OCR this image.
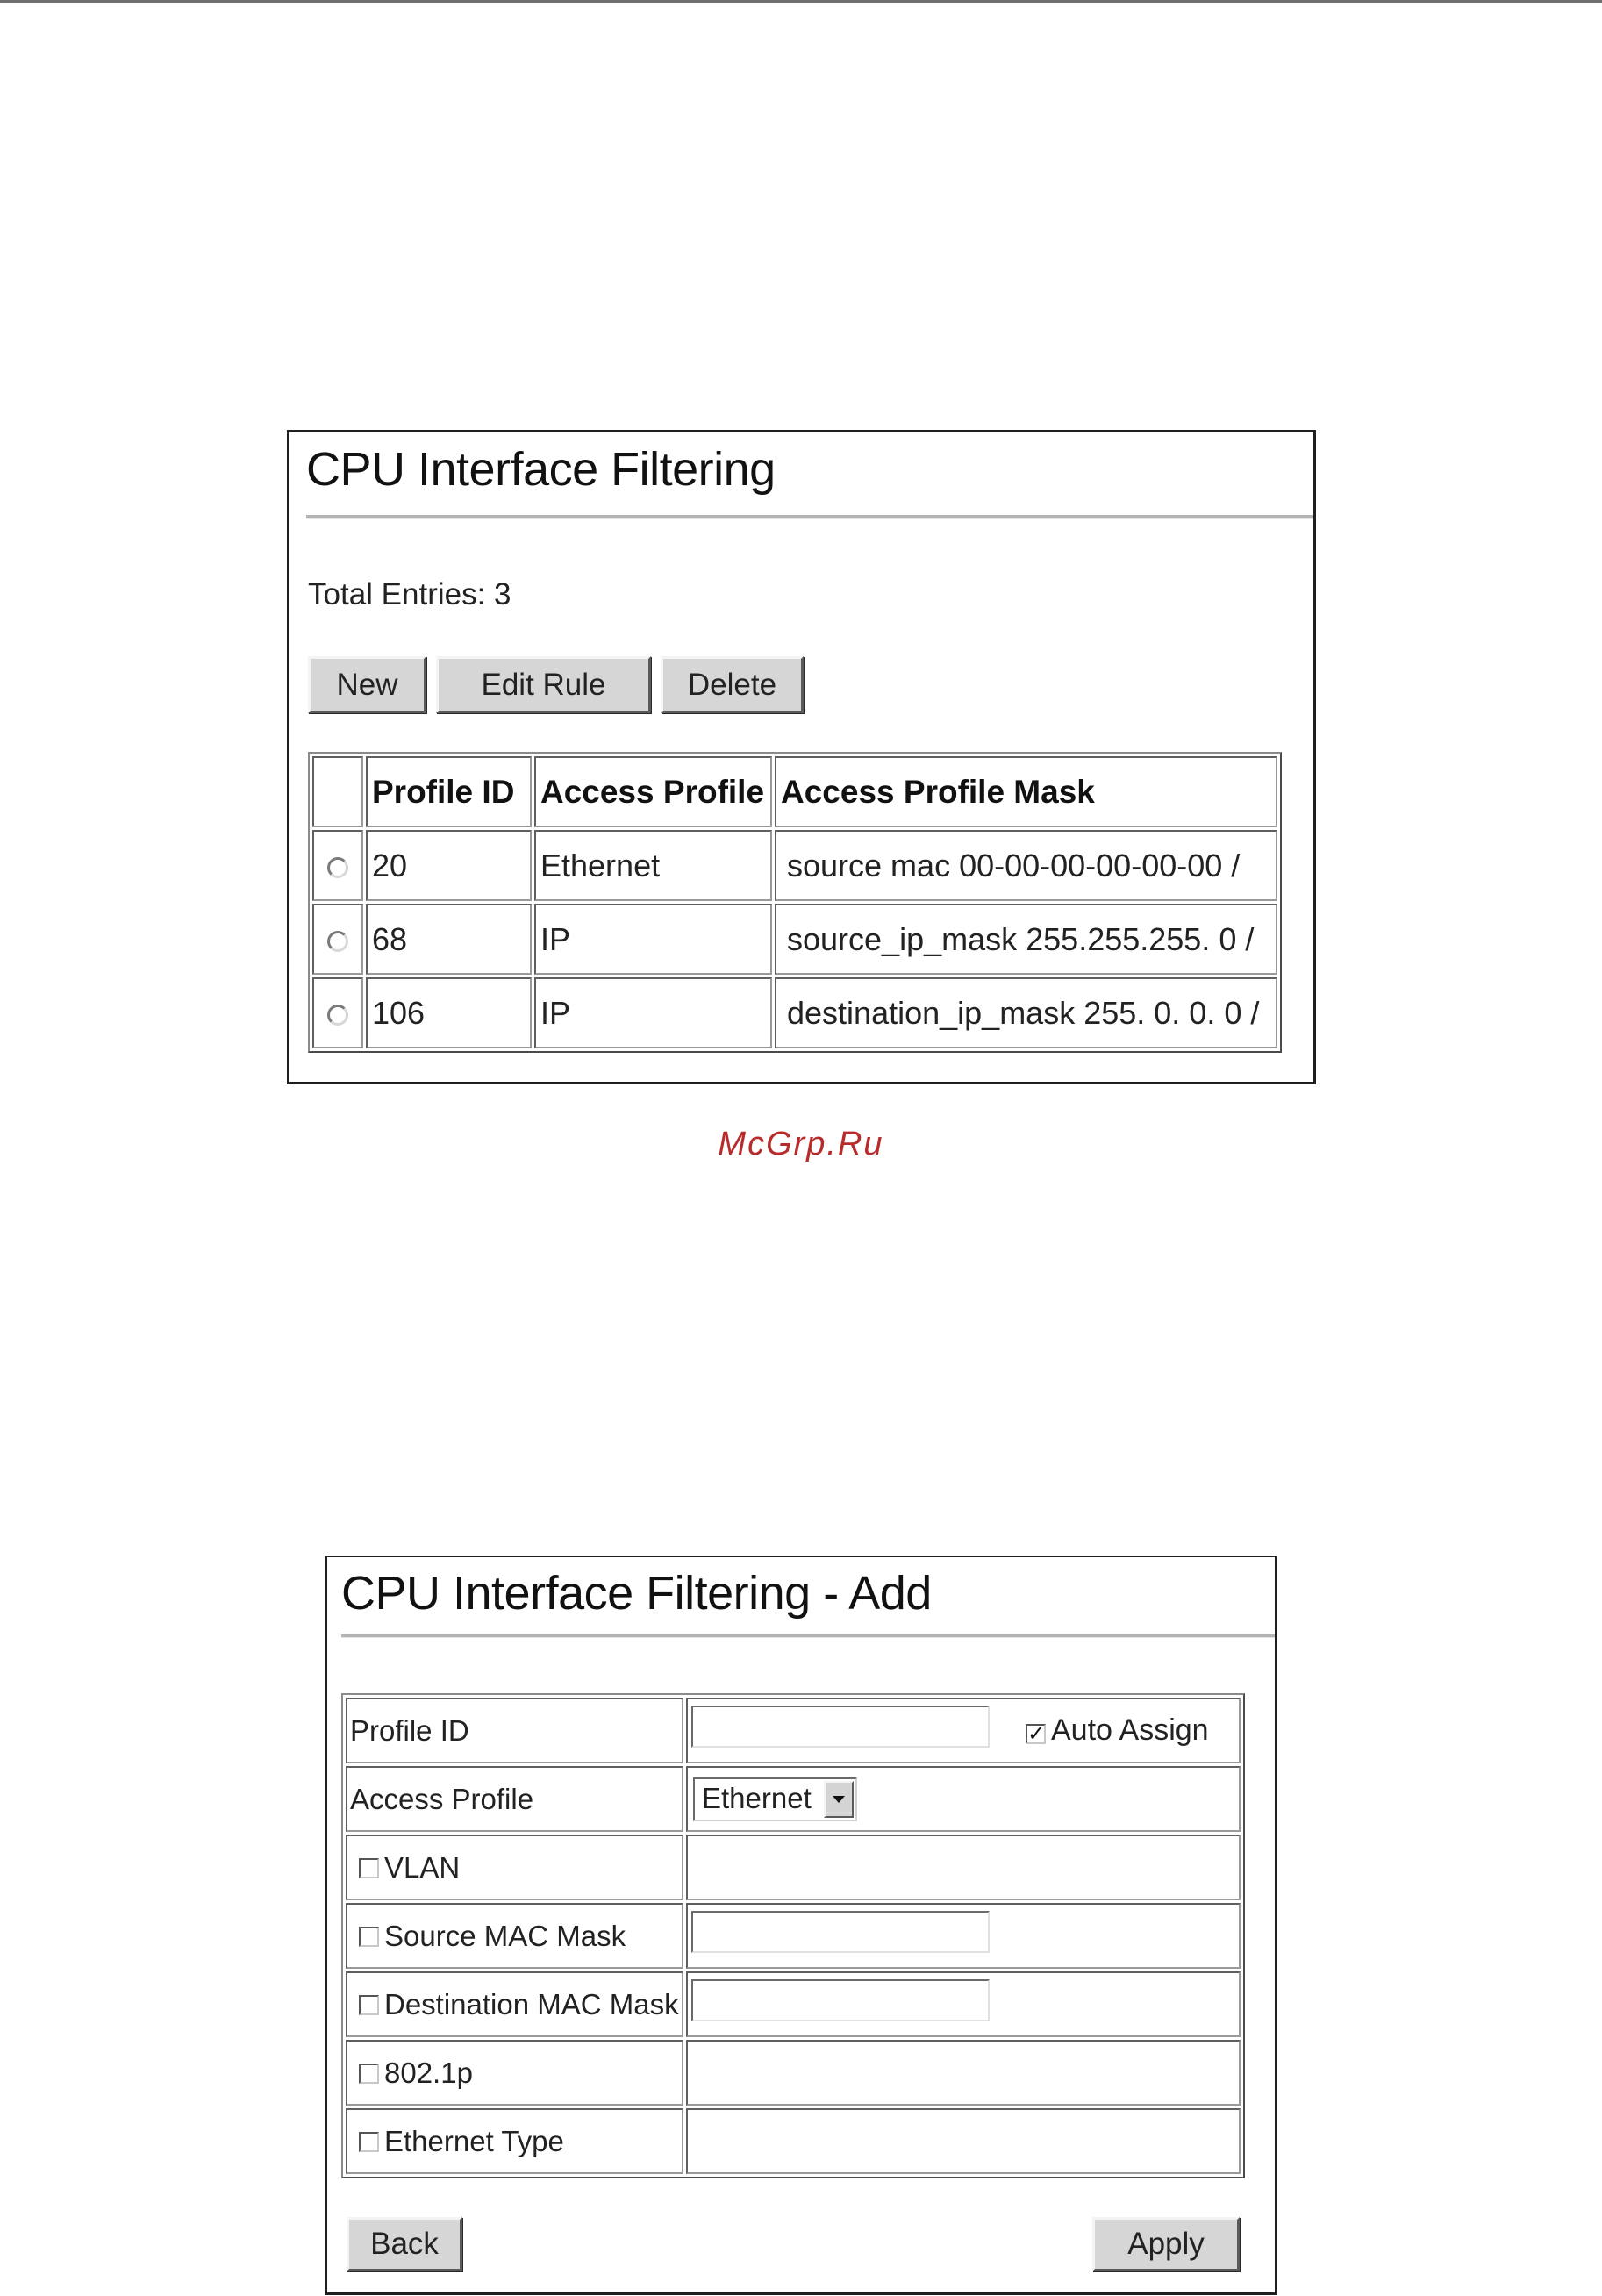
CPU Interface Filtering
Total Entries: 3
New	Edit Rule	Delete
	Profile ID	Access Profile	Access Profile Mask
	20	Ethernet	source mac 00-00-00-00-00-00 /
	68	IP	source_ip_mask 255.255.255. 0 /
	106	IP	destination_ip_mask 255. 0. 0. 0 /
McGrp.Ru
CPU Interface Filtering - Add
Profile ID	✓ Auto Assign

Access Profile	Ethernet

VLAN	
Source MAC Mask	

Destination MAC Mask	

802.1p	
Ethernet Type	
Back	Apply
